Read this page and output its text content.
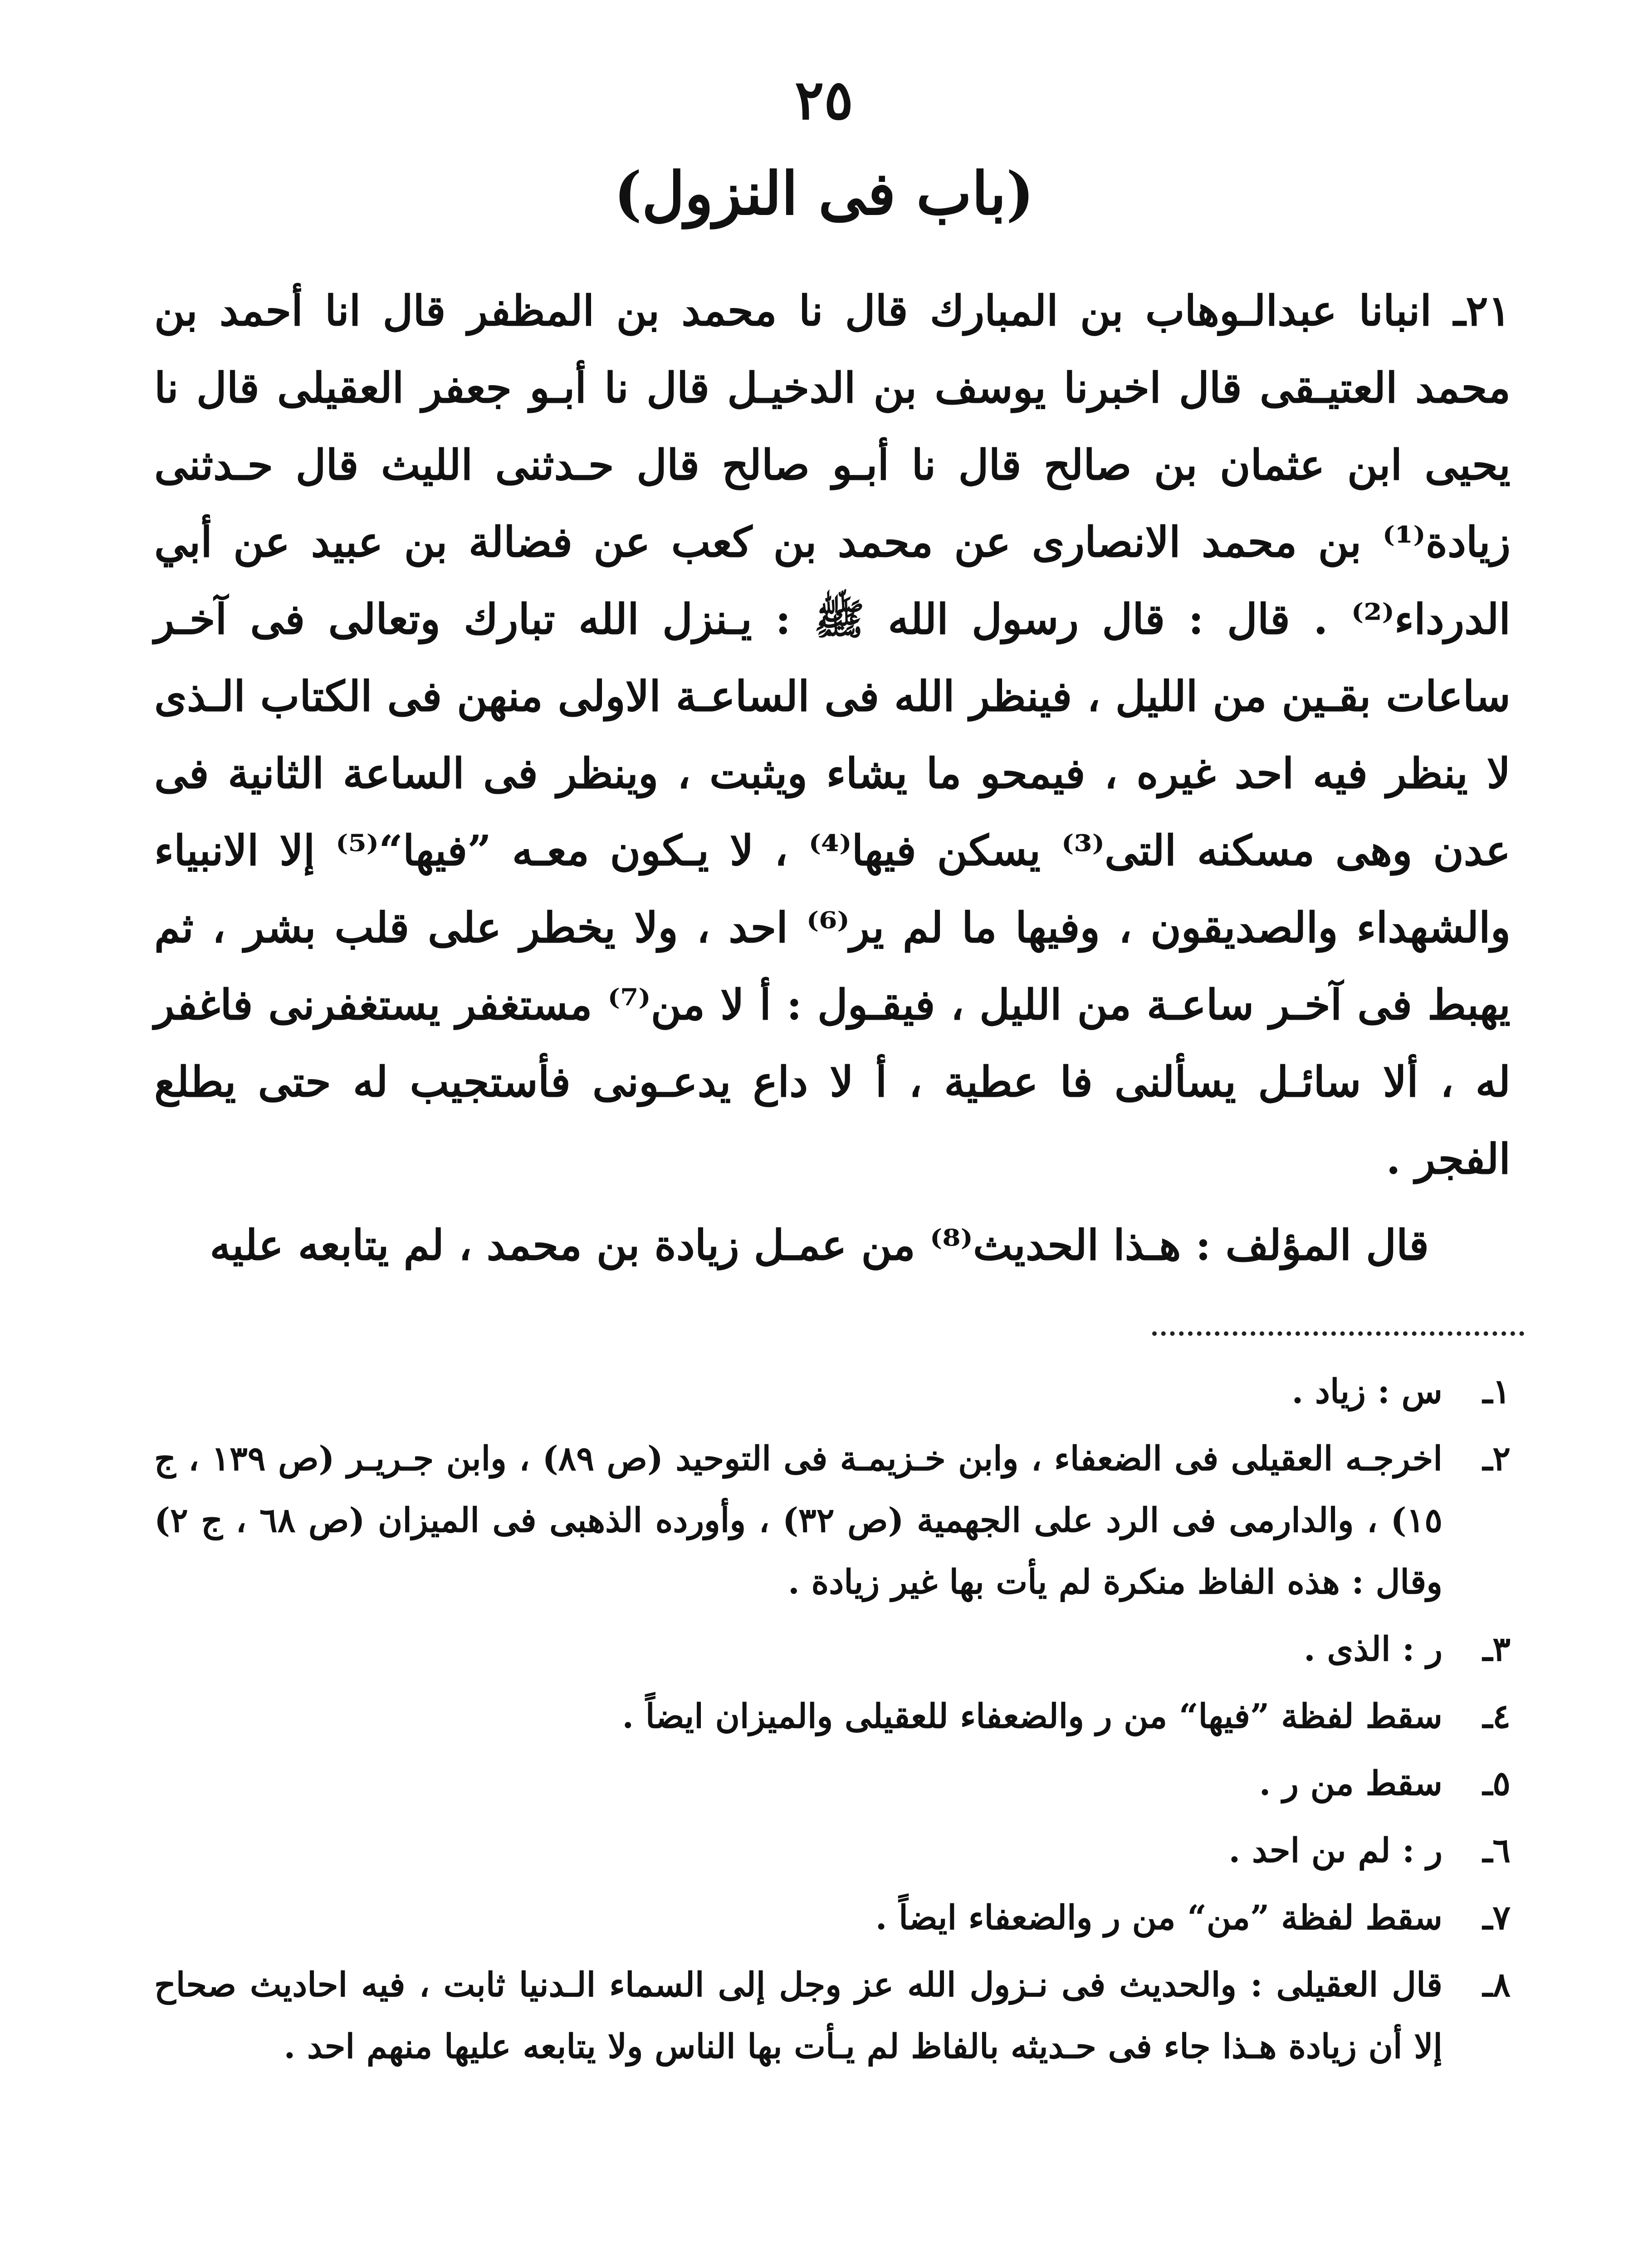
٢٥
(باب فى النزول)

٢١ـ انبانا عبدالـوهاب بن المبارك قال نا محمد بن المظفر قال انا أحمد بن محمد العتيـقى قال اخبرنا يوسف بن الدخيـل قال نا أبـو جعفر العقيلى قال نا يحيى ابن عثمان بن صالح قال نا أبـو صالح قال حـدثنى الليث قال حـدثنى زيادة⁽¹⁾ بن محمد الانصارى عن محمد بن كعب عن فضالة بن عبيد عن أبي الدرداء⁽²⁾ . قال : قال رسول الله ﷺ : يـنزل الله تبارك وتعالى فى آخـر ساعات بقـين من الليل ، فينظر الله فى الساعـة الاولى منهن فى الكتاب الـذى لا ينظر فيه احد غيره ، فيمحو ما يشاء ويثبت ، وينظر فى الساعة الثانية فى عدن وهى مسكنه التى⁽³⁾ يسكن فيها⁽⁴⁾ ، لا يـكون معـه ”فيها“⁽⁵⁾ إلا الانبياء والشهداء والصديقون ، وفيها ما لم ير⁽⁶⁾ احد ، ولا يخطر على قلب بشر ، ثم يهبط فى آخـر ساعـة من الليل ، فيقـول : أ لا من⁽⁷⁾ مستغفر يستغفرنى فاغفر له ، ألا سائـل يسألنى فا عطية ، أ لا داع يدعـونى فأستجيب له حتى يطلع الفجر .

قال المؤلف : هـذا الحديث⁽⁸⁾ من عمـل زيادة بن محمد ، لم يتابعه عليه
١ـ
س : زياد .
٢ـ
اخرجـه العقيلى فى الضعفاء ، وابن خـزيمـة فى التوحيد (ص ٨٩) ، وابن جـريـر (ص ١٣٩ ، ج ١٥) ، والدارمى فى الرد على الجهمية (ص ٣٢) ، وأورده الذهبى فى الميزان (ص ٦٨ ، ج ٢) وقال : هذه الفاظ منكرة لم يأت بها غير زيادة .
٣ـ
ر : الذى .
٤ـ
سقط لفظة ”فيها“ من ر والضعفاء للعقيلى والميزان ايضاً .
٥ـ
سقط من ر .
٦ـ
ر : لم ىن احد .
٧ـ
سقط لفظة ”من“ من ر والضعفاء ايضاً .
٨ـ
قال العقيلى : والحديث فى نـزول الله عز وجل إلى السماء الـدنيا ثابت ، فيه احاديث صحاح إلا أن زيادة هـذا جاء فى حـديثه بالفاظ لم يـأت بها الناس ولا يتابعه عليها منهم احد .
